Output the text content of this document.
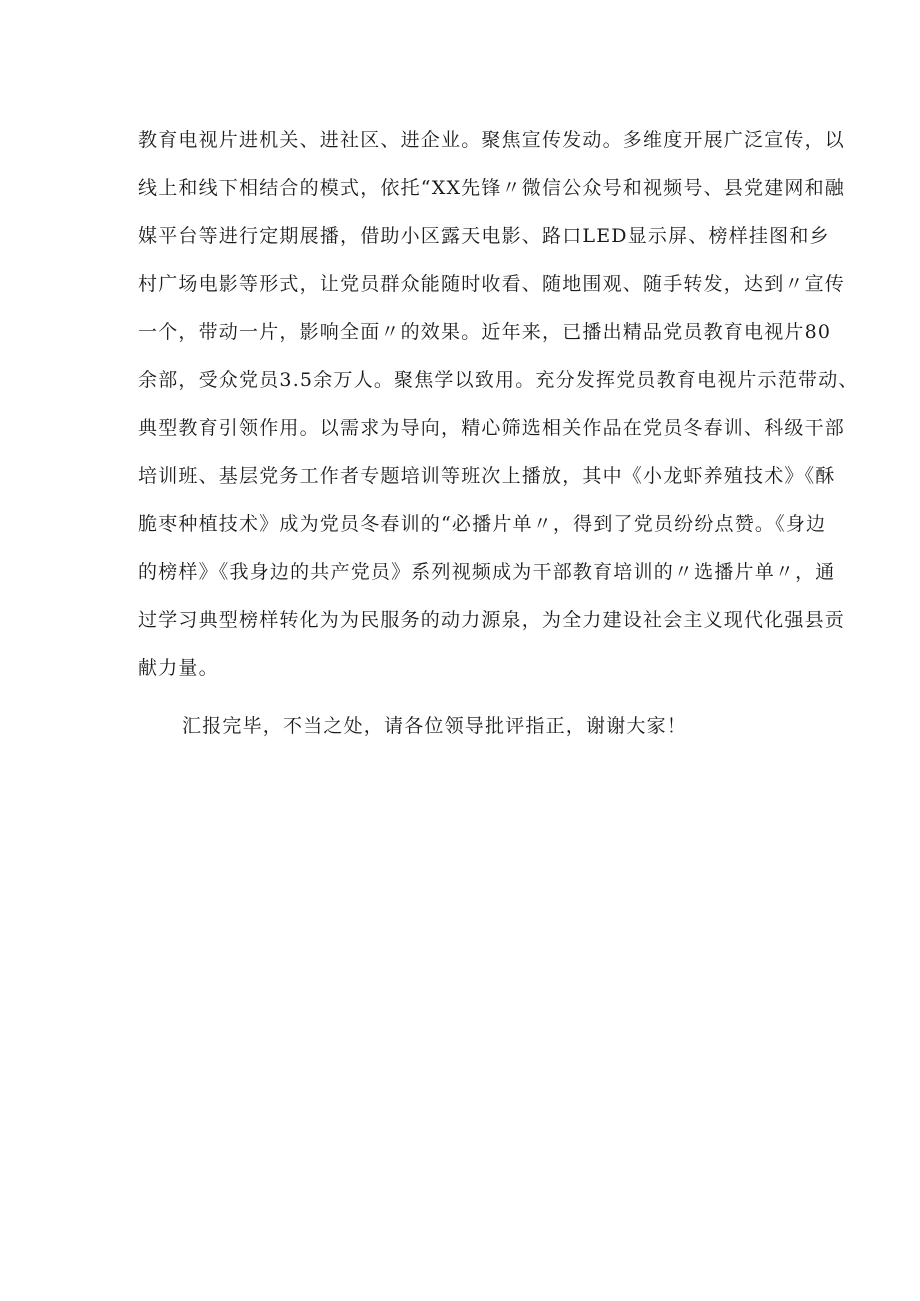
教育电视片进机关、进社区、进企业。聚焦宣传发动。多维度开展广泛宣传，以
线上和线下相结合的模式，依托“XX先锋〃微信公众号和视频号、县党建网和融
媒平台等进行定期展播，借助小区露天电影、路口LED显示屏、榜样挂图和乡
村广场电影等形式，让党员群众能随时收看、随地围观、随手转发，达到〃宣传
一个，带动一片，影响全面〃的效果。近年来，已播出精品党员教育电视片80
余部，受众党员3.5余万人。聚焦学以致用。充分发挥党员教育电视片示范带动、
典型教育引领作用。以需求为导向，精心筛选相关作品在党员冬春训、科级干部
培训班、基层党务工作者专题培训等班次上播放，其中《小龙虾养殖技术》《酥
脆枣种植技术》成为党员冬春训的“必播片单〃，得到了党员纷纷点赞。《身边
的榜样》《我身边的共产党员》系列视频成为干部教育培训的〃选播片单〃，通
过学习典型榜样转化为为民服务的动力源泉，为全力建设社会主义现代化强县贡
献力量。
汇报完毕，不当之处，请各位领导批评指正，谢谢大家！
